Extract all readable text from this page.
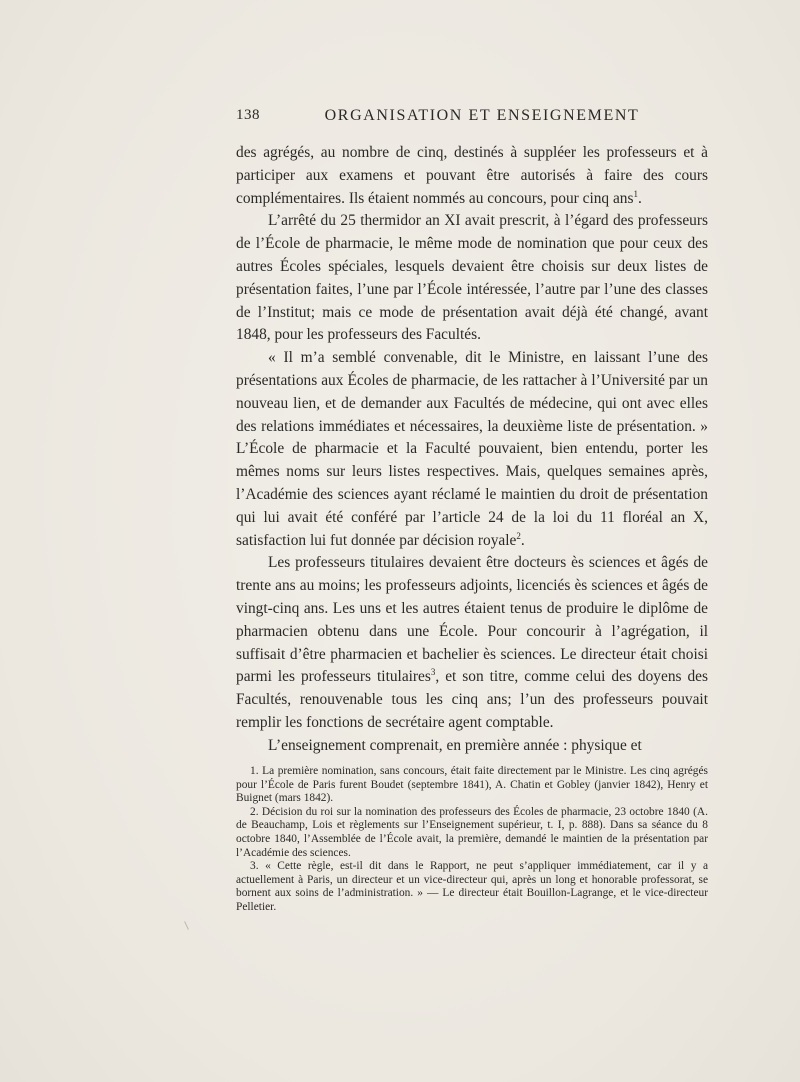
138	ORGANISATION ET ENSEIGNEMENT

des agrégés, au nombre de cinq, destinés à suppléer les professeurs et à participer aux examens et pouvant être autorisés à faire des cours complémentaires. Ils étaient nommés au concours, pour cinq ans$^1$.

L’arrêté du 25 thermidor an XI avait prescrit, à l’égard des professeurs de l’École de pharmacie, le même mode de nomination que pour ceux des autres Écoles spéciales, lesquels devaient être choisis sur deux listes de présentation faites, l’une par l’École intéressée, l’autre par l’une des classes de l’Institut; mais ce mode de présentation avait déjà été changé, avant 1848, pour les professeurs des Facultés.

« Il m’a semblé convenable, dit le Ministre, en laissant l’une des présentations aux Écoles de pharmacie, de les rattacher à l’Université par un nouveau lien, et de demander aux Facultés de médecine, qui ont avec elles des relations immédiates et nécessaires, la deuxième liste de présentation. » L’École de pharmacie et la Faculté pouvaient, bien entendu, porter les mêmes noms sur leurs listes respectives. Mais, quelques semaines après, l’Académie des sciences ayant réclamé le maintien du droit de présentation qui lui avait été conféré par l’article 24 de la loi du 11 floréal an X, satisfaction lui fut donnée par décision royale$^2$.

Les professeurs titulaires devaient être docteurs ès sciences et âgés de trente ans au moins; les professeurs adjoints, licenciés ès sciences et âgés de vingt-cinq ans. Les uns et les autres étaient tenus de produire le diplôme de pharmacien obtenu dans une École. Pour concourir à l’agrégation, il suffisait d’être pharmacien et bachelier ès sciences. Le directeur était choisi parmi les professeurs titulaires$^3$, et son titre, comme celui des doyens des Facultés, renouvenable tous les cinq ans; l’un des professeurs pouvait remplir les fonctions de secrétaire agent comptable.

L’enseignement comprenait, en première année : physique et

1. La première nomination, sans concours, était faite directement par le Ministre. Les cinq agrégés pour l’École de Paris furent Boudet (septembre 1841), A. Chatin et Gobley (janvier 1842), Henry et Buignet (mars 1842).

2. Décision du roi sur la nomination des professeurs des Écoles de pharmacie, 23 octobre 1840 (A. de Beauchamp, Lois et règlements sur l’Enseignement supérieur, t. I, p. 888). Dans sa séance du 8 octobre 1840, l’Assemblée de l’École avait, la première, demandé le maintien de la présentation par l’Académie des sciences.

3. « Cette règle, est-il dit dans le Rapport, ne peut s’appliquer immédiatement, car il y a actuellement à Paris, un directeur et un vice-directeur qui, après un long et honorable professorat, se bornent aux soins de l’administration. » — Le directeur était Bouillon-Lagrange, et le vice-directeur Pelletier.
